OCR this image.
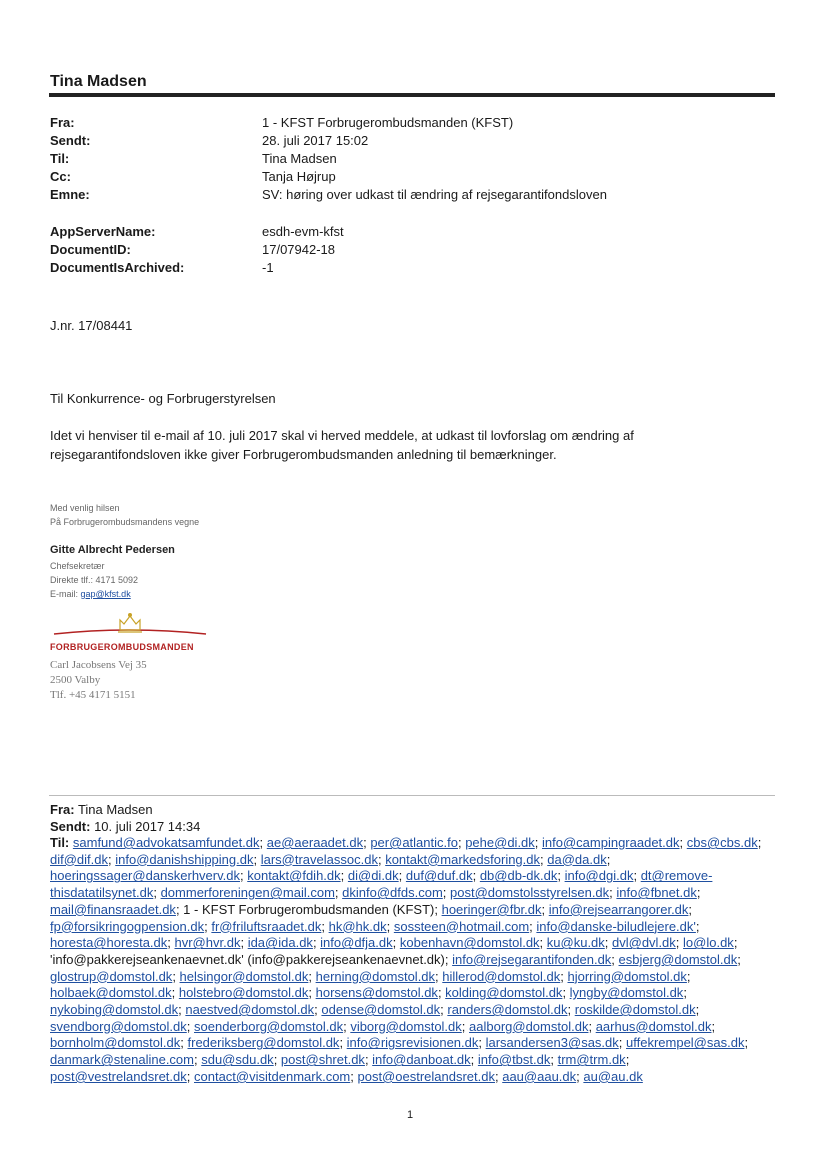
Tina Madsen
Fra:	1 - KFST Forbrugerombudsmanden (KFST)
Sendt:	28. juli 2017 15:02
Til:	Tina Madsen
Cc:	Tanja Højrup
Emne:	SV: høring over udkast til ændring af rejsegarantifondsloven
AppServerName:	esdh-evm-kfst
DocumentID:	17/07942-18
DocumentIsArchived:	-1
J.nr. 17/08441
Til Konkurrence- og Forbrugerstyrelsen
Idet vi henviser til e-mail af 10. juli 2017 skal vi herved meddele, at udkast til lovforslag om ændring af
rejsegarantifondsloven ikke giver Forbrugerombudsmanden anledning til bemærkninger.
Med venlig hilsen
På Forbrugerombudsmandens vegne
Gitte Albrecht Pedersen
Chefsekretær
Direkte tlf.: 4171 5092
E-mail: gap@kfst.dk
FORBRUGEROMBUDSMANDEN
Carl Jacobsens Vej 35
2500 Valby
Tlf. +45 4171 5151
Fra: Tina Madsen
Sendt: 10. juli 2017 14:34
Til: samfund@advokatsamfundet.dk; ae@aeraadet.dk; per@atlantic.fo; pehe@di.dk; info@campingraadet.dk; cbs@cbs.dk; dif@dif.dk; info@danishshipping.dk; lars@travelassoc.dk; kontakt@markedsforing.dk; da@da.dk; hoeringssager@danskerhverv.dk; kontakt@fdih.dk; di@di.dk; duf@duf.dk; db@db-dk.dk; info@dgi.dk; dt@remove-thisdatatilsynet.dk; dommerforeningen@mail.com; dkinfo@dfds.com; post@domstolsstyrelsen.dk; info@fbnet.dk; mail@finansraadet.dk; 1 - KFST Forbrugerombudsmanden (KFST); hoeringer@fbr.dk; info@rejsearrangorer.dk; fp@forsikringogpension.dk; fr@friluftsraadet.dk; hk@hk.dk; sossteen@hotmail.com; info@danske-biludlejere.dk'; horesta@horesta.dk; hvr@hvr.dk; ida@ida.dk; info@dfja.dk; kobenhavn@domstol.dk; ku@ku.dk; dvl@dvl.dk; lo@lo.dk; 'info@pakkerejseankenaevnet.dk' (info@pakkerejseankenaevnet.dk); info@rejsegarantifonden.dk; esbjerg@domstol.dk; glostrup@domstol.dk; helsingor@domstol.dk; herning@domstol.dk; hillerod@domstol.dk; hjorring@domstol.dk; holbaek@domstol.dk; holstebro@domstol.dk; horsens@domstol.dk; kolding@domstol.dk; lyngby@domstol.dk; nykobing@domstol.dk; naestved@domstol.dk; odense@domstol.dk; randers@domstol.dk; roskilde@domstol.dk; svendborg@domstol.dk; soenderborg@domstol.dk; viborg@domstol.dk; aalborg@domstol.dk; aarhus@domstol.dk; bornholm@domstol.dk; frederiksberg@domstol.dk; info@rigsrevisionen.dk; larsandersen3@sas.dk; uffekrempel@sas.dk; danmark@stenaline.com; sdu@sdu.dk; post@shret.dk; info@danboat.dk; info@tbst.dk; trm@trm.dk; post@vestrelandsret.dk; contact@visitdenmark.com; post@oestrelandsret.dk; aau@aau.dk; au@au.dk
1
